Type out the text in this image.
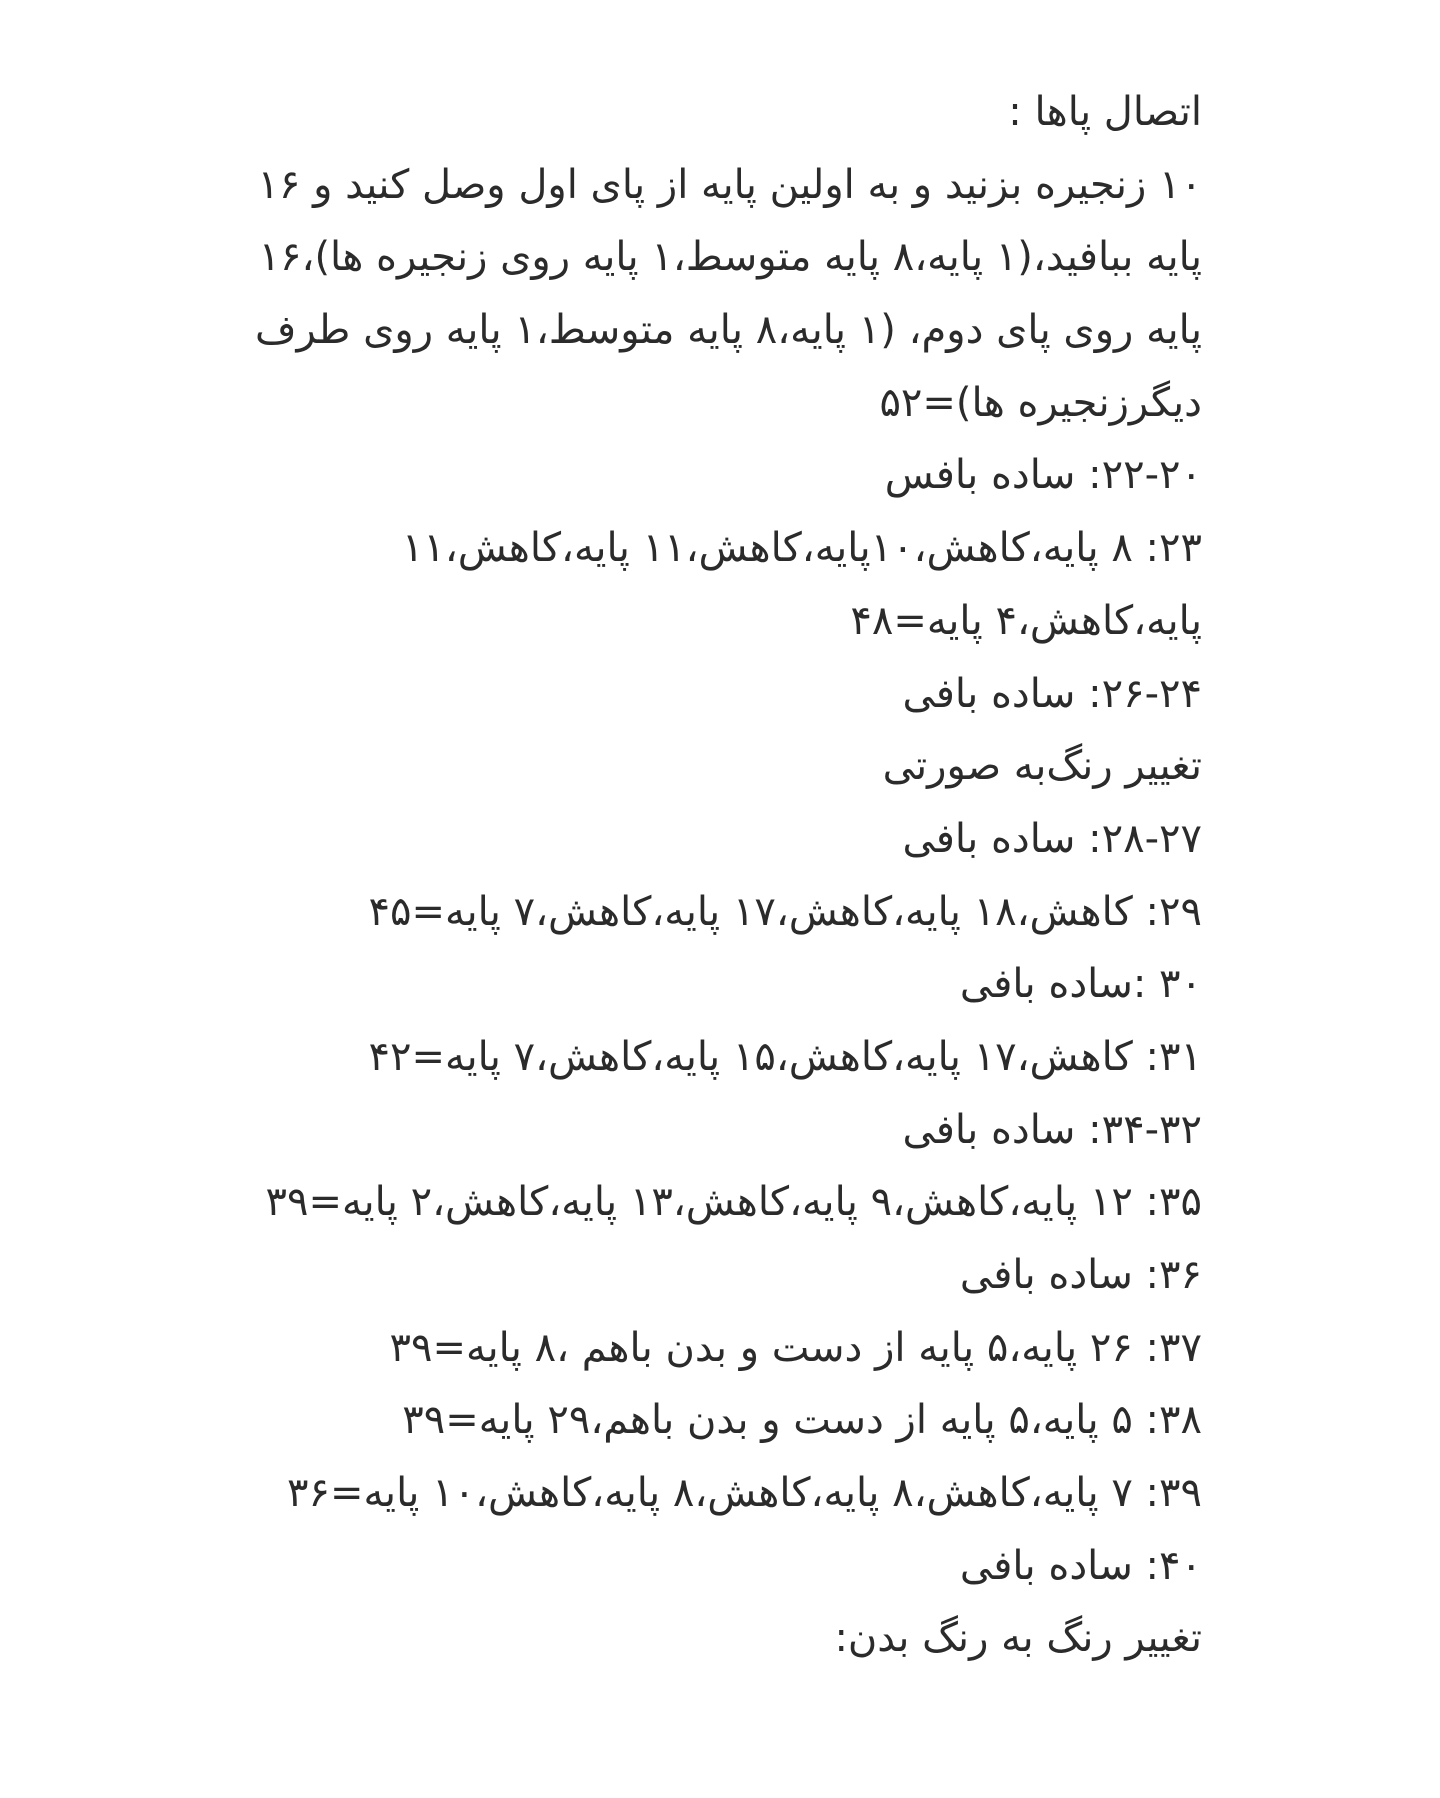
اتصال پاها :
۱۰ زنجیره بزنید و به اولین پایه از پای اول وصل کنید و ۱۶
پایه ببافید،(۱ پایه،۸ پایه متوسط،۱ پایه روی زنجیره ها)،۱۶
پایه روی پای دوم، (۱ پایه،۸ پایه متوسط،۱ پایه روی طرف
دیگرزنجیره ها)=۵۲
۲۲-۲۰: ساده بافس
۲۳: ۸ پایه،کاهش،۱۰پایه،کاهش،۱۱ پایه،کاهش،۱۱
پایه،کاهش،۴ پایه=۴۸
۲۶-۲۴: ساده بافی
تغییر رنگ‌به صورتی
۲۸-۲۷: ساده بافی
۲۹: کاهش،۱۸ پایه،کاهش،۱۷ پایه،کاهش،۷ پایه=۴۵
۳۰ :ساده بافی
۳۱: کاهش،۱۷ پایه،کاهش،۱۵ پایه،کاهش،۷ پایه=۴۲
۳۴-۳۲: ساده بافی
۳۵: ۱۲ پایه،کاهش،۹ پایه،کاهش،۱۳ پایه،کاهش،۲ پایه=۳۹
۳۶: ساده بافی
۳۷: ۲۶ پایه،۵ پایه از دست و بدن باهم ،۸ پایه=۳۹
۳۸: ۵ پایه،۵ پایه از دست و بدن باهم،۲۹ پایه=۳۹
۳۹: ۷ پایه،کاهش،۸ پایه،کاهش،۸ پایه،کاهش،۱۰ پایه=۳۶
۴۰: ساده بافی
تغییر رنگ به رنگ بدن:
